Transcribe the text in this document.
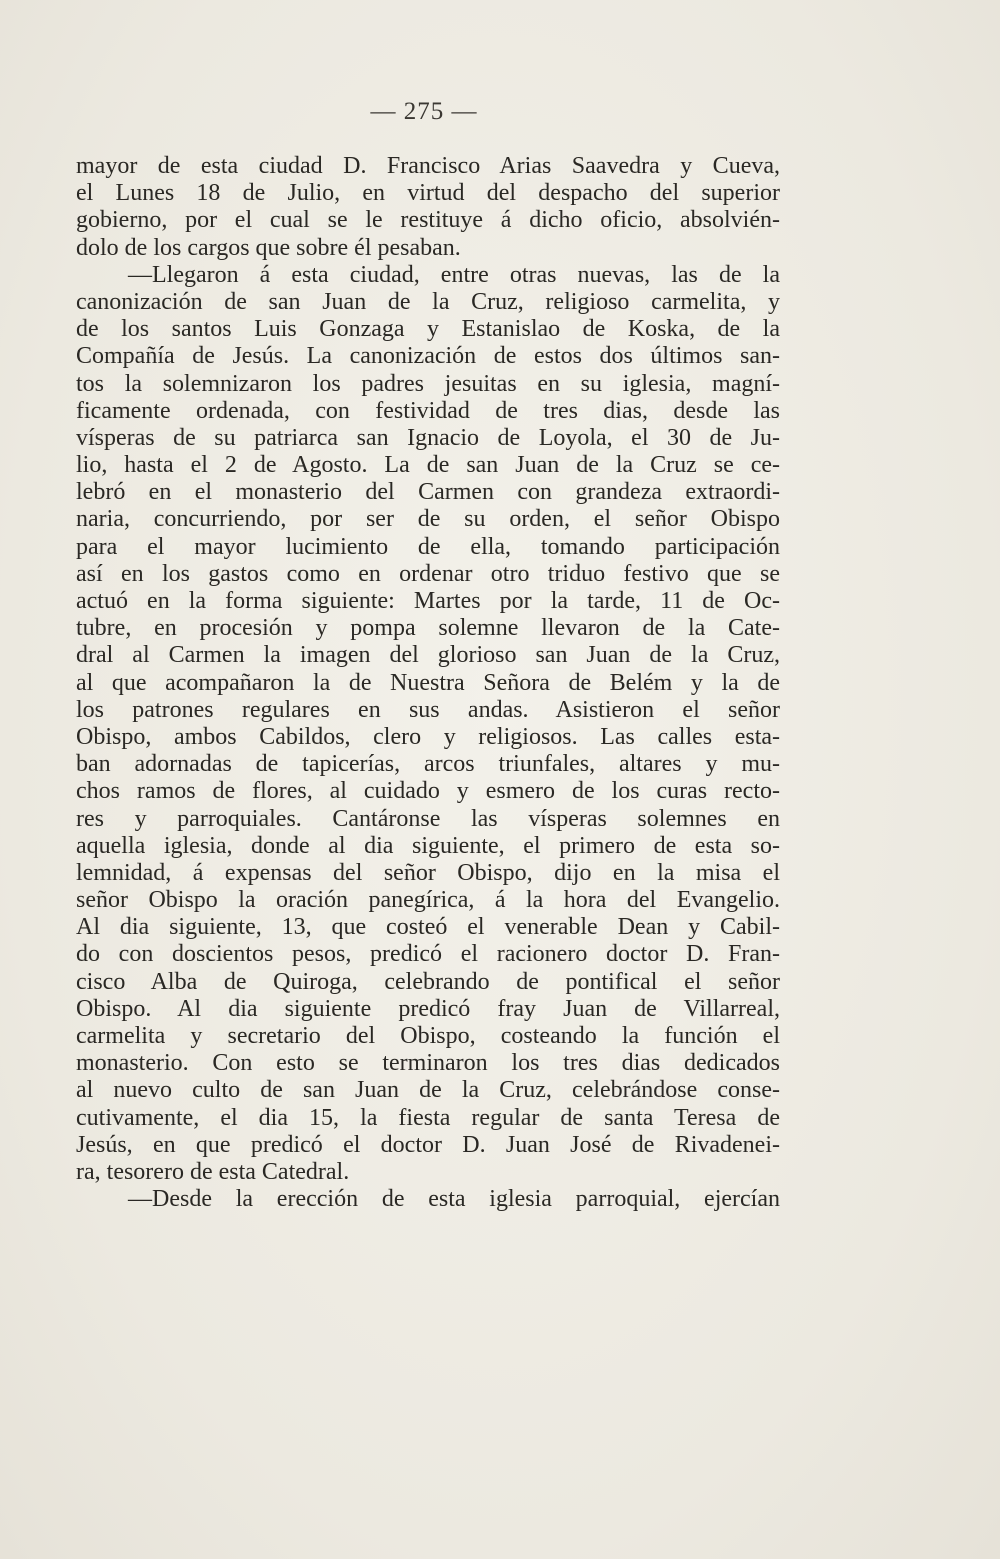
— 275 —
mayor de esta ciudad D. Francisco Arias Saavedra y Cueva,
el Lunes 18 de Julio, en virtud del despacho del superior
gobierno, por el cual se le restituye á dicho oficio, absolvién-
dolo de los cargos que sobre él pesaban.
—Llegaron á esta ciudad, entre otras nuevas, las de la
canonización de san Juan de la Cruz, religioso carmelita, y
de los santos Luis Gonzaga y Estanislao de Koska, de la
Compañía de Jesús. La canonización de estos dos últimos san-
tos la solemnizaron los padres jesuitas en su iglesia, magní-
ficamente ordenada, con festividad de tres dias, desde las
vísperas de su patriarca san Ignacio de Loyola, el 30 de Ju-
lio, hasta el 2 de Agosto. La de san Juan de la Cruz se ce-
lebró en el monasterio del Carmen con grandeza extraordi-
naria, concurriendo, por ser de su orden, el señor Obispo
para el mayor lucimiento de ella, tomando participación
así en los gastos como en ordenar otro triduo festivo que se
actuó en la forma siguiente: Martes por la tarde, 11 de Oc-
tubre, en procesión y pompa solemne llevaron de la Cate-
dral al Carmen la imagen del glorioso san Juan de la Cruz,
al que acompañaron la de Nuestra Señora de Belém y la de
los patrones regulares en sus andas. Asistieron el señor
Obispo, ambos Cabildos, clero y religiosos. Las calles esta-
ban adornadas de tapicerías, arcos triunfales, altares y mu-
chos ramos de flores, al cuidado y esmero de los curas recto-
res y parroquiales. Cantáronse las vísperas solemnes en
aquella iglesia, donde al dia siguiente, el primero de esta so-
lemnidad, á expensas del señor Obispo, dijo en la misa el
señor Obispo la oración panegírica, á la hora del Evangelio.
Al dia siguiente, 13, que costeó el venerable Dean y Cabil-
do con doscientos pesos, predicó el racionero doctor D. Fran-
cisco Alba de Quiroga, celebrando de pontifical el señor
Obispo. Al dia siguiente predicó fray Juan de Villarreal,
carmelita y secretario del Obispo, costeando la función el
monasterio. Con esto se terminaron los tres dias dedicados
al nuevo culto de san Juan de la Cruz, celebrándose conse-
cutivamente, el dia 15, la fiesta regular de santa Teresa de
Jesús, en que predicó el doctor D. Juan José de Rivadenei-
ra, tesorero de esta Catedral.
—Desde la erección de esta iglesia parroquial, ejercían
